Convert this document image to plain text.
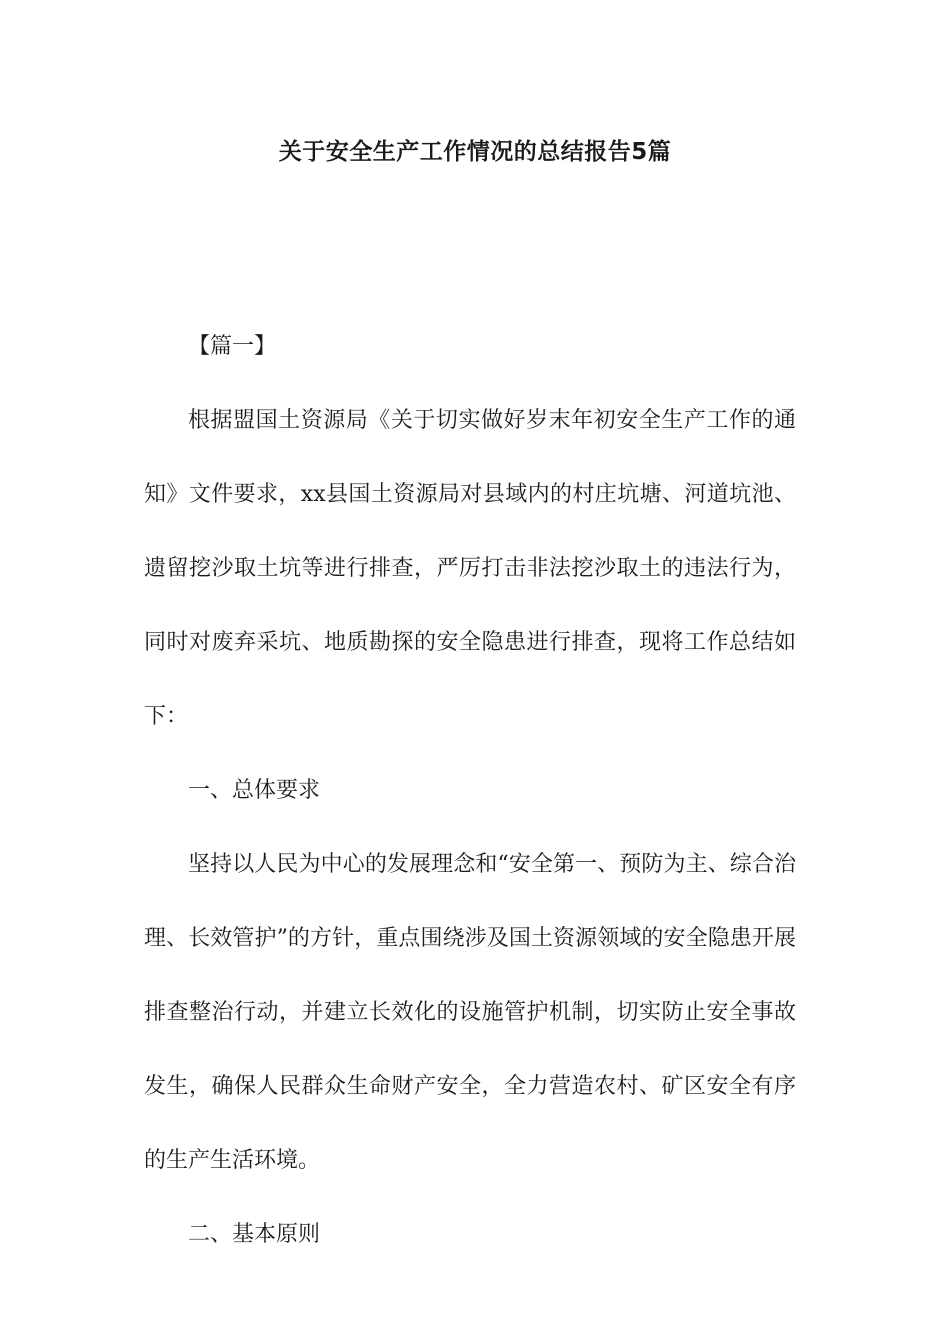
关于安全生产工作情况的总结报告5篇

【篇一】

根据盟国土资源局《关于切实做好岁末年初安全生产工作的通知》文件要求，xx县国土资源局对县域内的村庄坑塘、河道坑池、遗留挖沙取土坑等进行排查，严厉打击非法挖沙取土的违法行为，同时对废弃采坑、地质勘探的安全隐患进行排查，现将工作总结如下：

一、总体要求

坚持以人民为中心的发展理念和“安全第一、预防为主、综合治理、长效管护”的方针，重点围绕涉及国土资源领域的安全隐患开展排查整治行动，并建立长效化的设施管护机制，切实防止安全事故发生，确保人民群众生命财产安全，全力营造农村、矿区安全有序的生产生活环境。

二、基本原则
